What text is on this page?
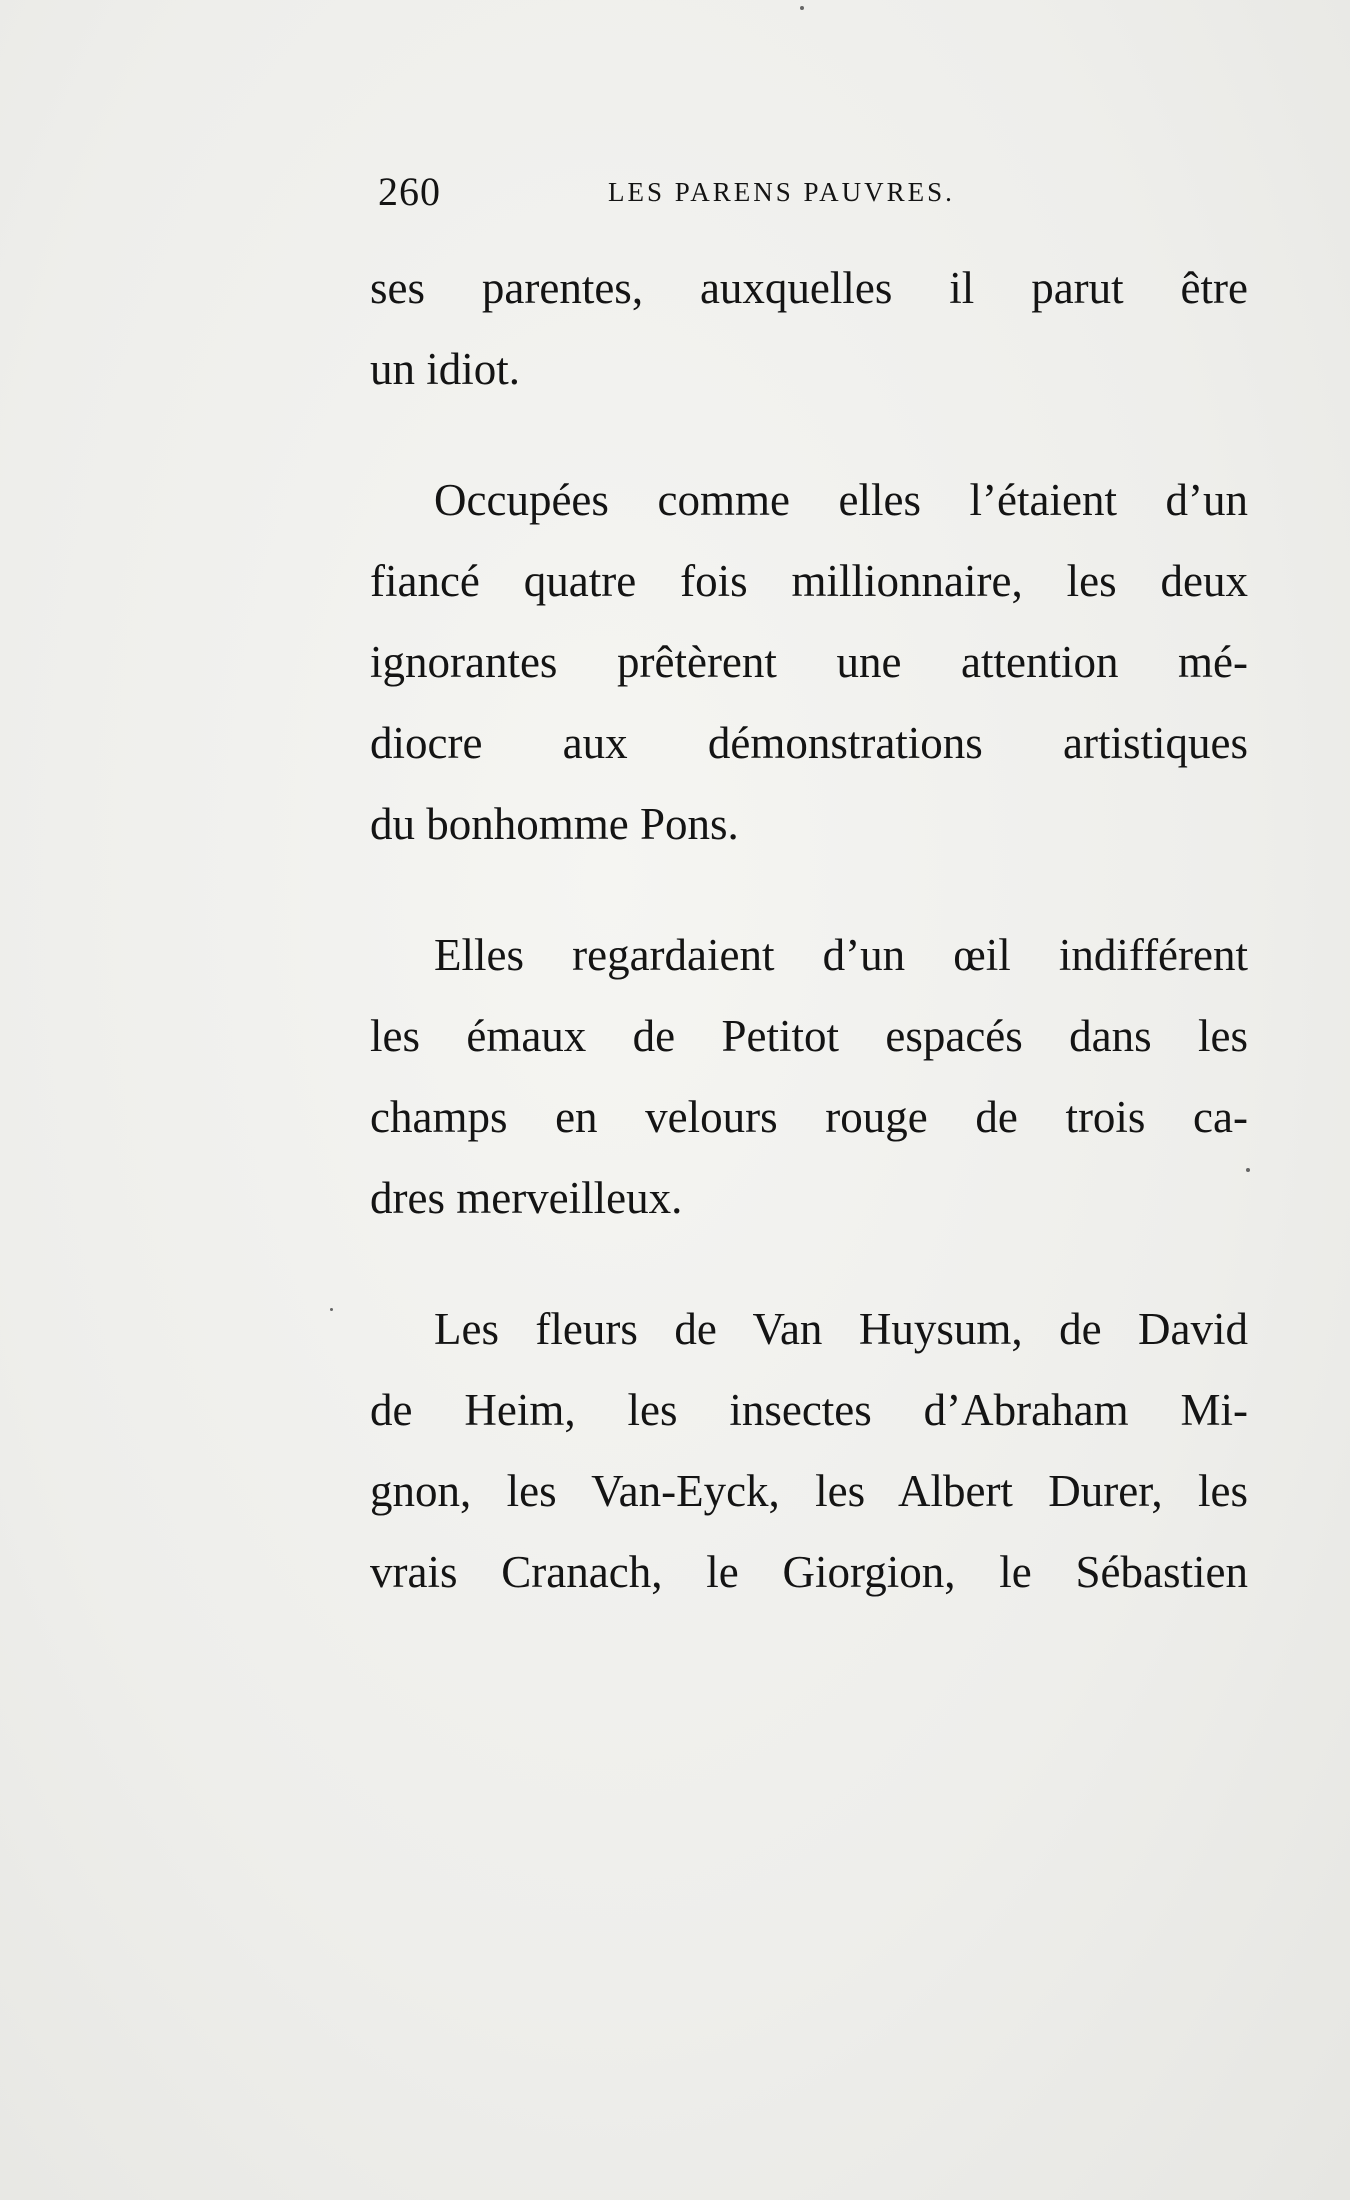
260	LES PARENS PAUVRES.
ses parentes, auxquelles il parut être
un idiot.
Occupées comme elles l’étaient d’un
fiancé quatre fois millionnaire, les deux
ignorantes prêtèrent une attention mé-
diocre aux démonstrations artistiques
du bonhomme Pons.
Elles regardaient d’un œil indifférent
les émaux de Petitot espacés dans les
champs en velours rouge de trois ca-
dres merveilleux.
Les fleurs de Van Huysum, de David
de Heim, les insectes d’Abraham Mi-
gnon, les Van-Eyck, les Albert Durer, les
vrais Cranach, le Giorgion, le Sébastien
